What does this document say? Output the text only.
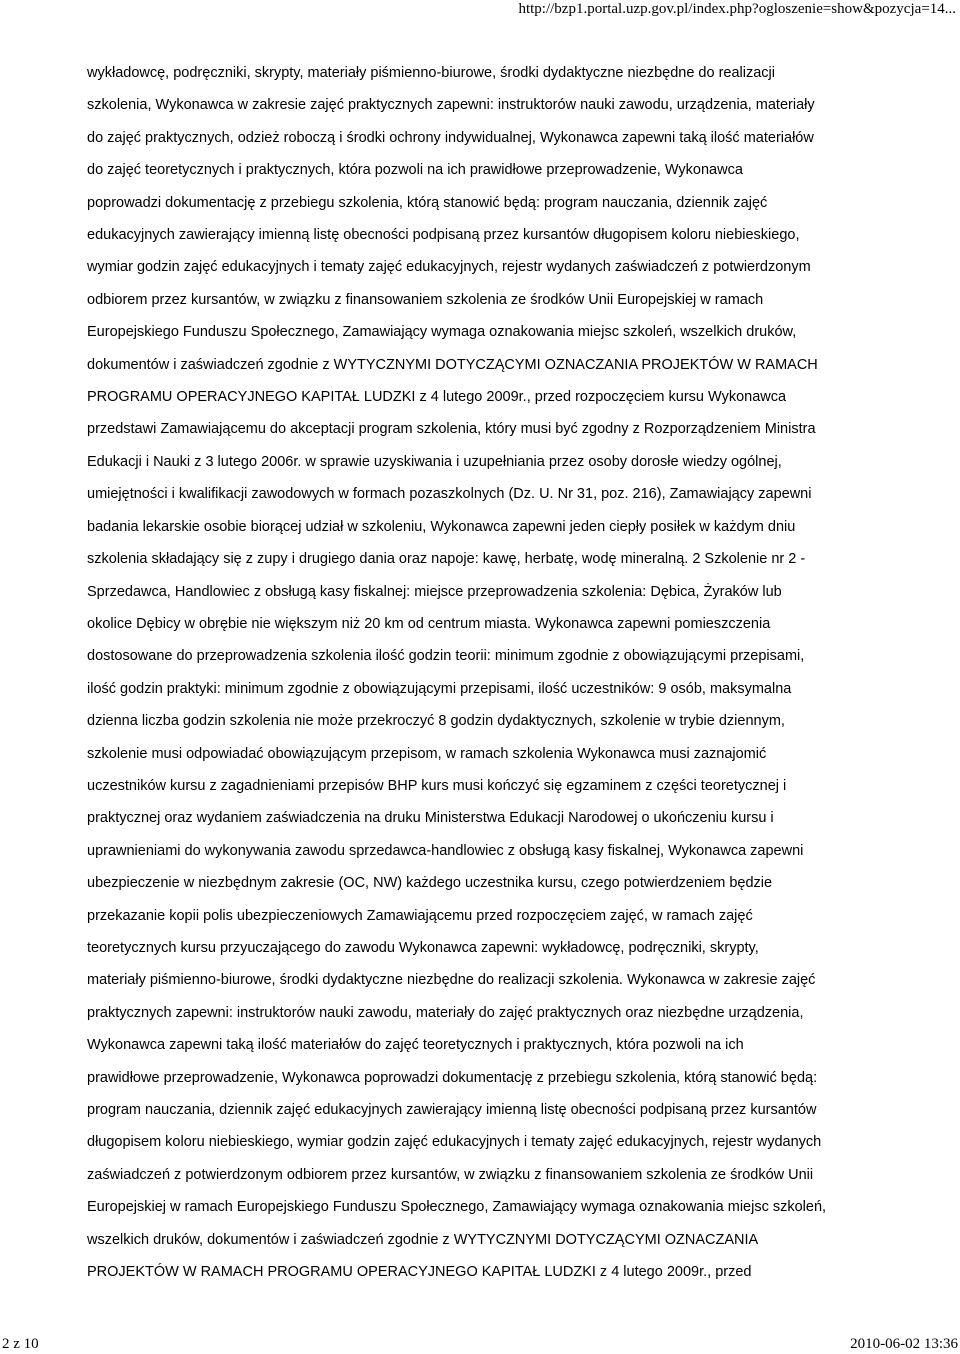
http://bzp1.portal.uzp.gov.pl/index.php?ogloszenie=show&pozycja=14...
wykładowcę, podręczniki, skrypty, materiały piśmienno-biurowe, środki dydaktyczne niezbędne do realizacji
szkolenia, Wykonawca w zakresie zajęć praktycznych zapewni: instruktorów nauki zawodu, urządzenia, materiały
do zajęć praktycznych, odzież roboczą i środki ochrony indywidualnej, Wykonawca zapewni taką ilość materiałów
do zajęć teoretycznych i praktycznych, która pozwoli na ich prawidłowe przeprowadzenie, Wykonawca
poprowadzi dokumentację z przebiegu szkolenia, którą stanowić będą: program nauczania, dziennik zajęć
edukacyjnych zawierający imienną listę obecności podpisaną przez kursantów długopisem koloru niebieskiego,
wymiar godzin zajęć edukacyjnych i tematy zajęć edukacyjnych, rejestr wydanych zaświadczeń z potwierdzonym
odbiorem przez kursantów, w związku z finansowaniem szkolenia ze środków Unii Europejskiej w ramach
Europejskiego Funduszu Społecznego, Zamawiający wymaga oznakowania miejsc szkoleń, wszelkich druków,
dokumentów i zaświadczeń zgodnie z WYTYCZNYMI DOTYCZĄCYMI OZNACZANIA PROJEKTÓW W RAMACH
PROGRAMU OPERACYJNEGO KAPITAŁ LUDZKI z 4 lutego 2009r., przed rozpoczęciem kursu Wykonawca
przedstawi Zamawiającemu do akceptacji program szkolenia, który musi być zgodny z Rozporządzeniem Ministra
Edukacji i Nauki z 3 lutego 2006r. w sprawie uzyskiwania i uzupełniania przez osoby dorosłe wiedzy ogólnej,
umiejętności i kwalifikacji zawodowych w formach pozaszkolnych (Dz. U. Nr 31, poz. 216), Zamawiający zapewni
badania lekarskie osobie biorącej udział w szkoleniu, Wykonawca zapewni jeden ciepły posiłek w każdym dniu
szkolenia składający się z zupy i drugiego dania oraz napoje: kawę, herbatę, wodę mineralną. 2 Szkolenie nr 2 -
Sprzedawca, Handlowiec z obsługą kasy fiskalnej: miejsce przeprowadzenia szkolenia: Dębica, Żyraków lub
okolice Dębicy w obrębie nie większym niż 20 km od centrum miasta. Wykonawca zapewni pomieszczenia
dostosowane do przeprowadzenia szkolenia ilość godzin teorii: minimum zgodnie z obowiązującymi przepisami,
ilość godzin praktyki: minimum zgodnie z obowiązującymi przepisami, ilość uczestników: 9 osób, maksymalna
dzienna liczba godzin szkolenia nie może przekroczyć 8 godzin dydaktycznych, szkolenie w trybie dziennym,
szkolenie musi odpowiadać obowiązującym przepisom, w ramach szkolenia Wykonawca musi zaznajomić
uczestników kursu z zagadnieniami przepisów BHP kurs musi kończyć się egzaminem z części teoretycznej i
praktycznej oraz wydaniem zaświadczenia na druku Ministerstwa Edukacji Narodowej o ukończeniu kursu i
uprawnieniami do wykonywania zawodu sprzedawca-handlowiec z obsługą kasy fiskalnej, Wykonawca zapewni
ubezpieczenie w niezbędnym zakresie (OC, NW) każdego uczestnika kursu, czego potwierdzeniem będzie
przekazanie kopii polis ubezpieczeniowych Zamawiającemu przed rozpoczęciem zajęć, w ramach zajęć
teoretycznych kursu przyuczającego do zawodu Wykonawca zapewni: wykładowcę, podręczniki, skrypty,
materiały piśmienno-biurowe, środki dydaktyczne niezbędne do realizacji szkolenia. Wykonawca w zakresie zajęć
praktycznych zapewni: instruktorów nauki zawodu, materiały do zajęć praktycznych oraz niezbędne urządzenia,
Wykonawca zapewni taką ilość materiałów do zajęć teoretycznych i praktycznych, która pozwoli na ich
prawidłowe przeprowadzenie, Wykonawca poprowadzi dokumentację z przebiegu szkolenia, którą stanowić będą:
program nauczania, dziennik zajęć edukacyjnych zawierający imienną listę obecności podpisaną przez kursantów
długopisem koloru niebieskiego, wymiar godzin zajęć edukacyjnych i tematy zajęć edukacyjnych, rejestr wydanych
zaświadczeń z potwierdzonym odbiorem przez kursantów, w związku z finansowaniem szkolenia ze środków Unii
Europejskiej w ramach Europejskiego Funduszu Społecznego, Zamawiający wymaga oznakowania miejsc szkoleń,
wszelkich druków, dokumentów i zaświadczeń zgodnie z WYTYCZNYMI DOTYCZĄCYMI OZNACZANIA
PROJEKTÓW W RAMACH PROGRAMU OPERACYJNEGO KAPITAŁ LUDZKI z 4 lutego 2009r., przed
2 z 10	2010-06-02 13:36
